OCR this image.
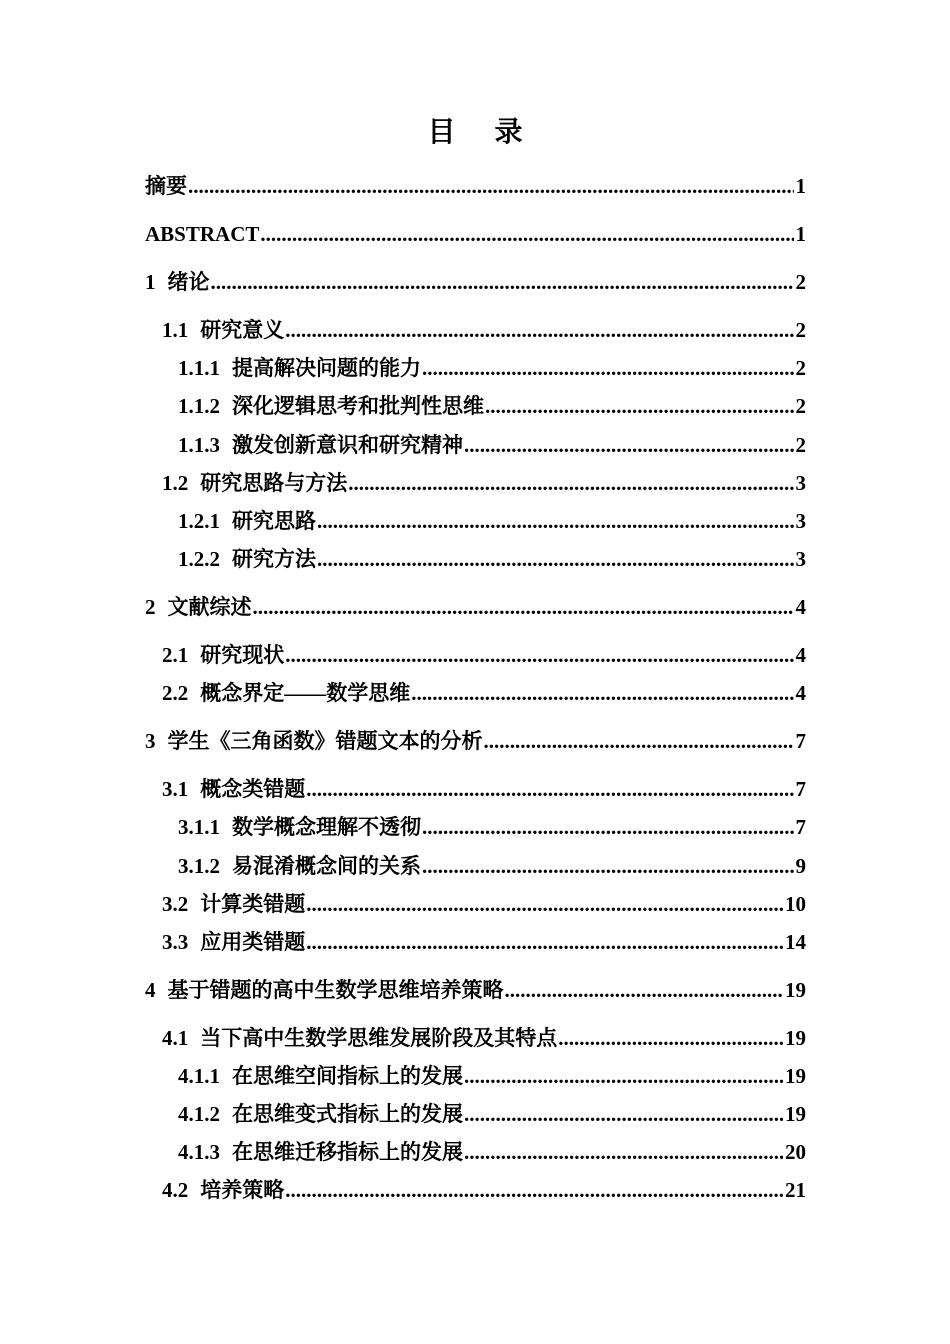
目 录
摘要 .....	1
ABSTRACT .....	1
1 绪论 .....	2
1.1 研究意义 .....	2
1.1.1 提高解决问题的能力 .....	2
1.1.2 深化逻辑思考和批判性思维 .....	2
1.1.3 激发创新意识和研究精神 .....	2
1.2 研究思路与方法 .....	3
1.2.1 研究思路 .....	3
1.2.2 研究方法 .....	3
2 文献综述 .....	4
2.1 研究现状 .....	4
2.2 概念界定——数学思维 .....	4
3 学生《三角函数》错题文本的分析 .....	7
3.1 概念类错题 .....	7
3.1.1 数学概念理解不透彻 .....	7
3.1.2 易混淆概念间的关系 .....	9
3.2 计算类错题 .....	10
3.3 应用类错题 .....	14
4 基于错题的高中生数学思维培养策略 .....	19
4.1 当下高中生数学思维发展阶段及其特点 .....	19
4.1.1 在思维空间指标上的发展 .....	19
4.1.2 在思维变式指标上的发展 .....	19
4.1.3 在思维迁移指标上的发展 .....	20
4.2 培养策略 .....	21
